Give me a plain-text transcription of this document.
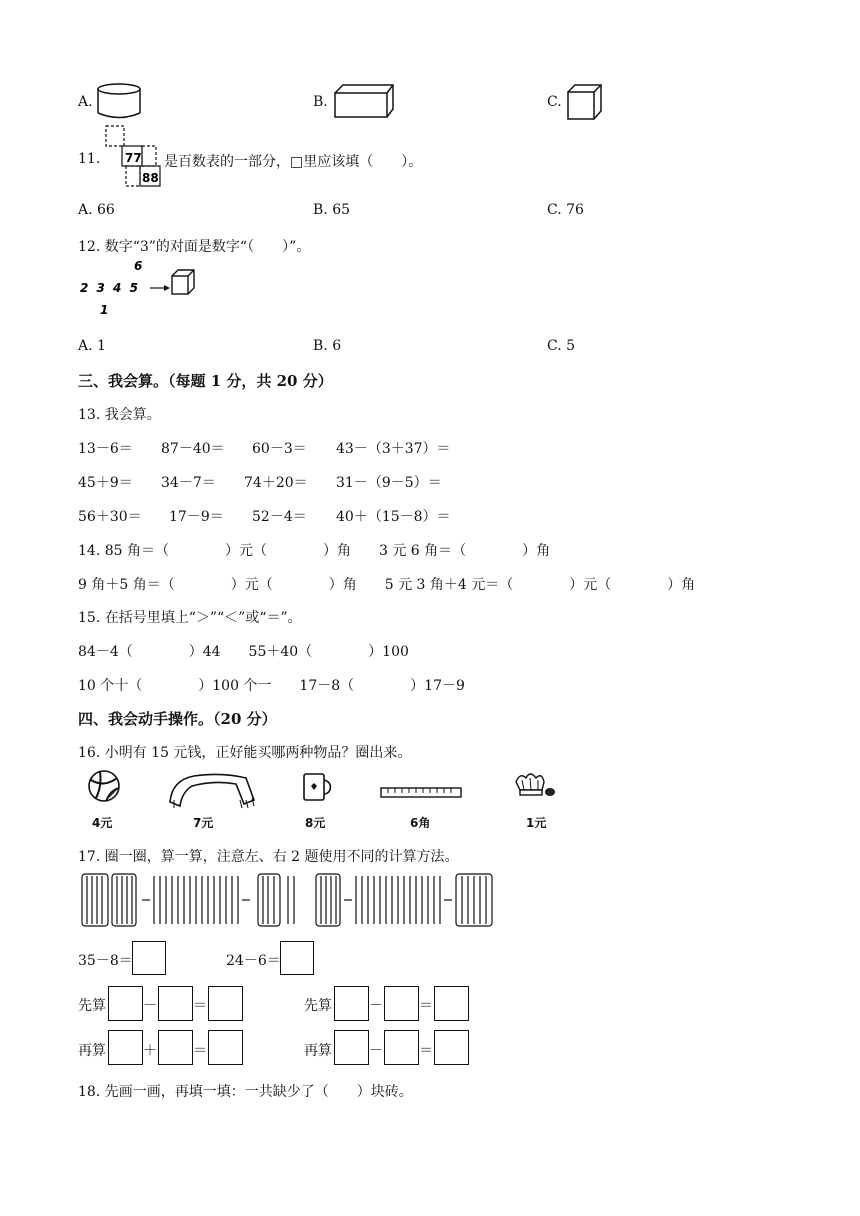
A.	B.	C.
11. 77
88
是百数表的一部分，□里应该填（　　）。
A. 66	B. 65	C. 76
12. 数字“3”的对面是数字“（　　）”。
6
2 3 4 5
1
A. 1	B. 6	C. 5
三、我会算。（每题 1 分，共 20 分）
13. 我会算。
13－6＝ 87－40＝ 60－3＝ 43－（3＋37）＝
45＋9＝ 34－7＝ 74＋20＝ 31－（9－5）＝
56＋30＝ 17－9＝ 52－4＝ 40＋（15－8）＝
14. 85 角＝（　　　　）元（　　　　）角　　3 元 6 角＝（　　　　）角
9 角＋5 角＝（　　　　）元（　　　　）角　　5 元 3 角＋4 元＝（　　　　）元（　　　　）角
15. 在括号里填上“＞”“＜”或“＝”。
84－4（　　　　）44　　55＋40（　　　　）100
10 个十（　　　　）100 个一　　17－8（　　　　）17－9
四、我会动手操作。（20 分）
16. 小明有 15 元钱，正好能买哪两种物品？圈出来。
4元	7元	8元	6角	1元
17. 圈一圈，算一算，注意左、右 2 题使用不同的计算方法。
35－8＝	24－6＝
先算	－	＝	先算	－	＝
再算	＋	＝	再算	－	＝
18. 先画一画，再填一填：一共缺少了（　　）块砖。
